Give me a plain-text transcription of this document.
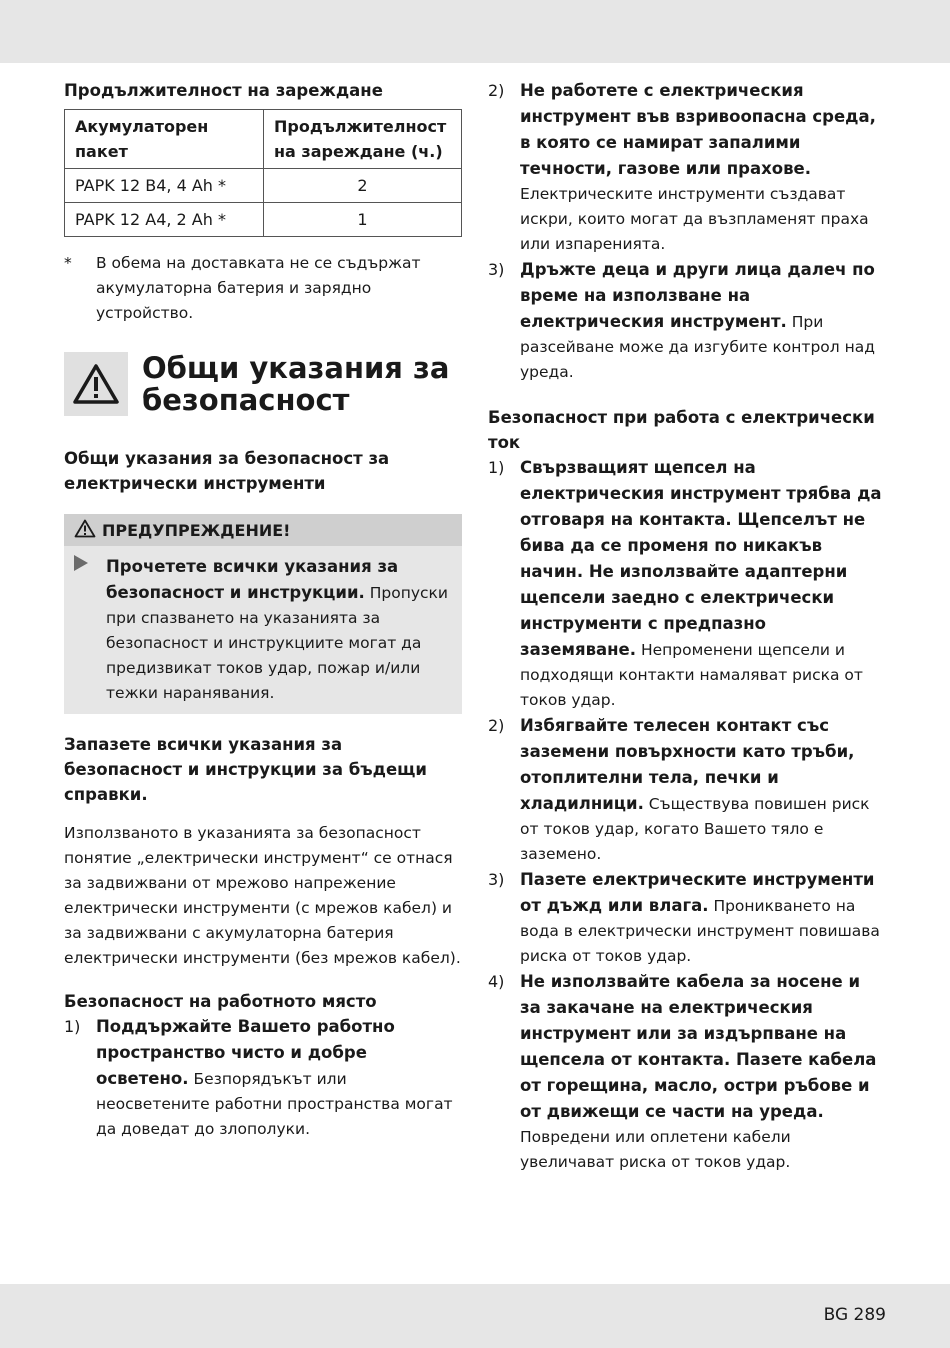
Продължителност на зареждане

Акумулаторен пакет	Продължителност на зареждане (ч.)
PAPK 12 B4, 4 Ah *	2
PAPK 12 A4, 2 Ah *	1
*	В обема на доставката не се съдържат акумулаторна батерия и зарядно устройство.
Общи указания за безопасност

Общи указания за безопасност за електрически инструменти

ПРЕДУПРЕЖДЕНИЕ!

Прочетете всички указания за безопасност и инструкции. Пропуски при спазването на указанията за безопасност и инструкциите могат да предизвикат токов удар, пожар и/или тежки наранявания.

Запазете всички указания за безопасност и инструкции за бъдещи справки.

Използваното в указанията за безопасност понятие „електрически инструмент“ се отнася за задвижвани от мрежово напрежение електрически инструменти (с мрежов кабел) и за задвижвани с акумулаторна батерия електрически инструменти (без мрежов кабел).

Безопасност на работното място

1) Поддържайте Вашето работно пространство чисто и добре осветено. Безпорядъкът или неосветените работни пространства могат да доведат до злополуки.

2) Не работете с електрическия инструмент във взривоопасна среда, в която се намират запалими течности, газове или прахове. Електрическите инструменти създават искри, които могат да възпламенят праха или изпаренията.

3) Дръжте деца и други лица далеч по време на използване на електрическия инструмент. При разсейване може да изгубите контрол над уреда.

Безопасност при работа с електрически ток

1) Свързващият щепсел на електрическия инструмент трябва да отговаря на контакта. Щепселът не бива да се променя по никакъв начин. Не използвайте адаптерни щепсели заедно с електрически инструменти с предпазно заземяване. Непроменени щепсели и подходящи контакти намаляват риска от токов удар.

2) Избягвайте телесен контакт със заземени повърхности като тръби, отоплителни тела, печки и хладилници. Съществува повишен риск от токов удар, когато Вашето тяло е заземено.

3) Пазете електрическите инструменти от дъжд или влага. Проникването на вода в електрически инструмент повишава риска от токов удар.

4) Не използвайте кабела за носене и за закачане на електрическия инструмент или за издърпване на щепсела от контакта. Пазете кабела от горещина, масло, остри ръбове и от движещи се части на уреда. Повредени или оплетени кабели увеличават риска от токов удар.

BG 289
